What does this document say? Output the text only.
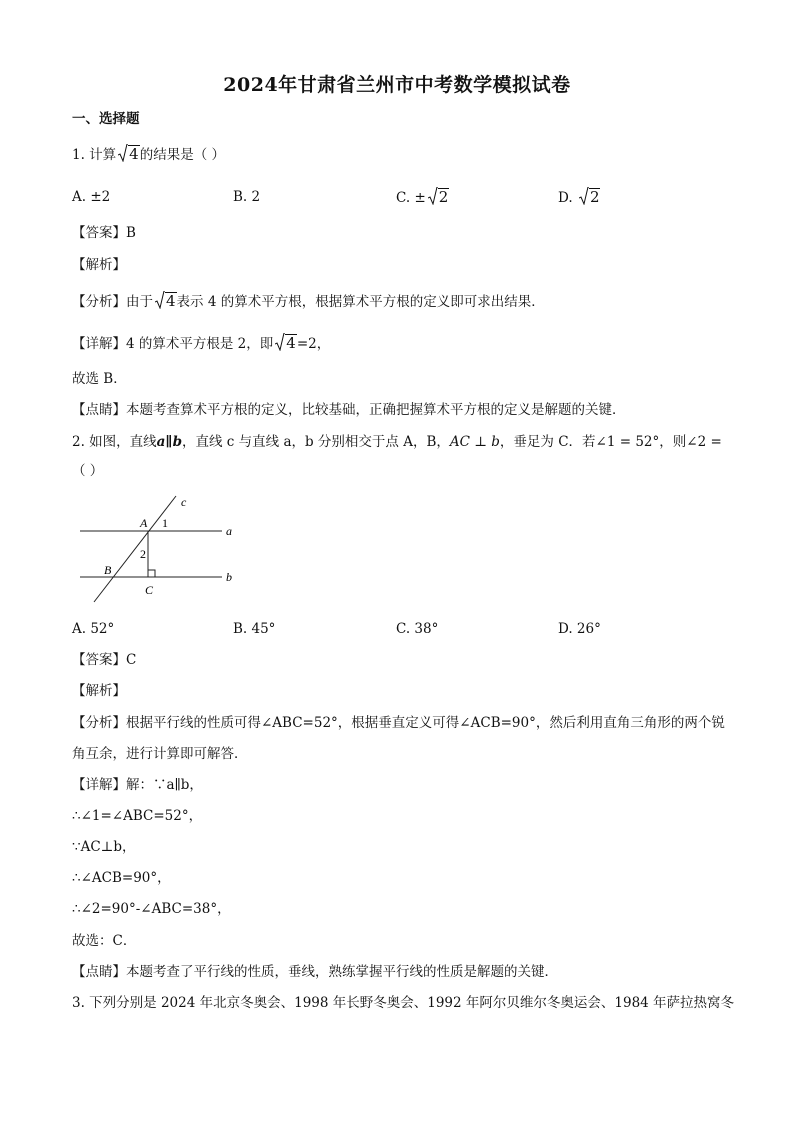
2024年甘肃省兰州市中考数学模拟试卷
一、选择题
1. 计算 4的结果是（ ）
A. ±2	B. 2	C. ± 2	D. 2
【答案】B
【解析】
【分析】由于 4表示 4 的算术平方根，根据算术平方根的定义即可求出结果．
【详解】4 的算术平方根是 2，即 4=2，
故选 B．
【点睛】本题考查算术平方根的定义，比较基础，正确把握算术平方根的定义是解题的关键．
2. 如图，直线a∥b，直线 c 与直线 a，b 分别相交于点 A，B，AC ⊥ b，垂足为 C．若∠1 = 52°，则∠2 =
（ ）
c
A 1
a
2
B
C
b
A. 52°	B. 45°	C. 38°	D. 26°
【答案】C
【解析】
【分析】根据平行线的性质可得∠ABC=52°，根据垂直定义可得∠ACB=90°，然后利用直角三角形的两个锐
角互余，进行计算即可解答．
【详解】解：∵a∥b，
∴∠1=∠ABC=52°，
∵AC⊥b，
∴∠ACB=90°，
∴∠2=90°-∠ABC=38°，
故选：C．
【点睛】本题考查了平行线的性质，垂线，熟练掌握平行线的性质是解题的关键．
3. 下列分别是 2024 年北京冬奥会、1998 年长野冬奥会、1992 年阿尔贝维尔冬奥运会、1984 年萨拉热窝冬
